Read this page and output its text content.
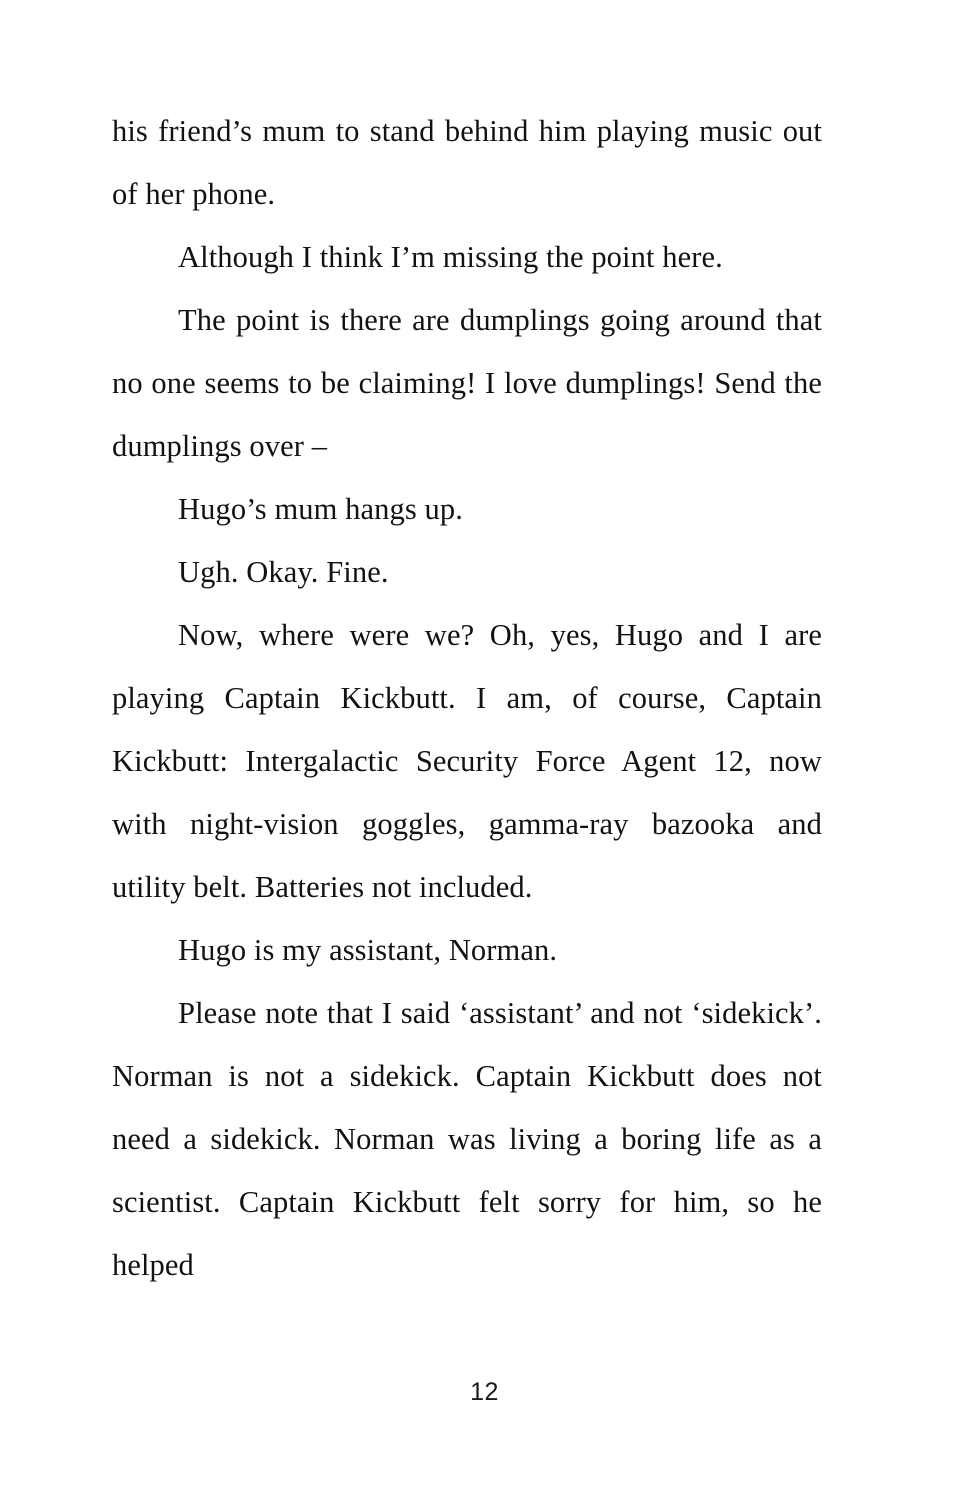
his friend’s mum to stand behind him playing music out of her phone.

Although I think I’m missing the point here.

The point is there are dumplings going around that no one seems to be claiming! I love dumplings! Send the dumplings over –

Hugo’s mum hangs up.

Ugh. Okay. Fine.

Now, where were we? Oh, yes, Hugo and I are playing Captain Kickbutt. I am, of course, Captain Kickbutt: Intergalactic Security Force Agent 12, now with night-vision goggles, gamma-ray bazooka and utility belt. Batteries not included.

Hugo is my assistant, Norman.

Please note that I said ‘assistant’ and not ‘sidekick’. Norman is not a sidekick. Captain Kickbutt does not need a sidekick. Norman was living a boring life as a scientist. Captain Kickbutt felt sorry for him, so he helped

12
